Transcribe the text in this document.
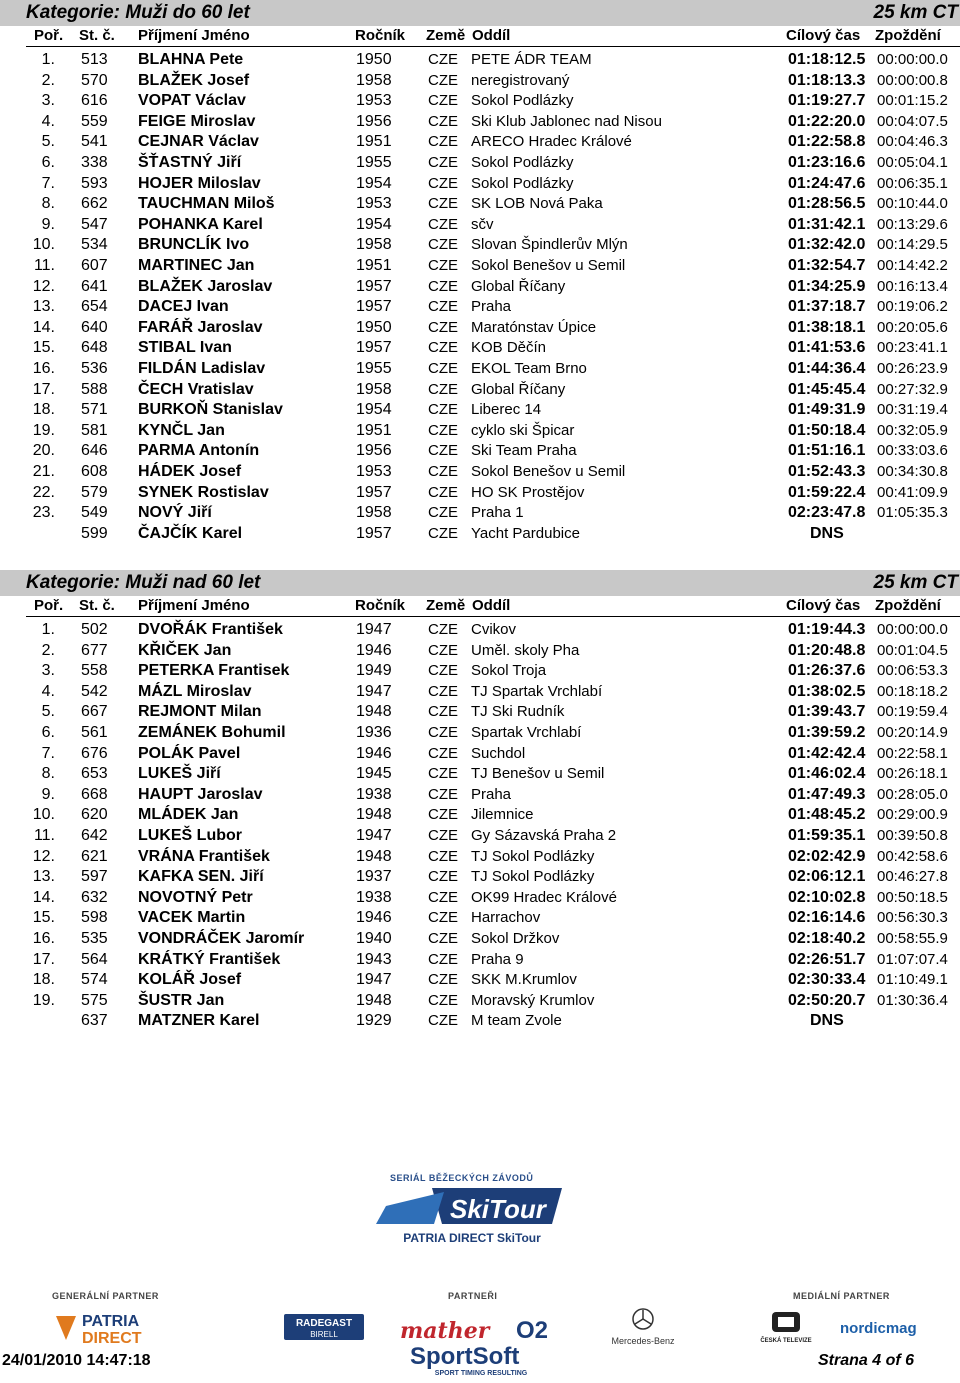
Kategorie: Muži do 60 let	25 km CT
Poř. St. č. Příjmení Jméno	Ročník Země Oddíl	Cílový čas Zpoždění
1. 513 BLAHNA Pete	1950 CZE PETE ÁDR TEAM	01:18:12.5 00:00:00.0
2. 570 BLAŽEK Josef	1958 CZE neregistrovaný	01:18:13.3 00:00:00.8
3. 616 VOPAT Václav	1953 CZE Sokol Podlázky	01:19:27.7 00:01:15.2
4. 559 FEIGE Miroslav	1956 CZE Ski Klub Jablonec nad Nisou	01:22:20.0 00:04:07.5
5. 541 CEJNAR Václav	1951 CZE ARECO Hradec Králové	01:22:58.8 00:04:46.3
6. 338 ŠŤASTNÝ Jiří	1955 CZE Sokol Podlázky	01:23:16.6 00:05:04.1
7. 593 HOJER Miloslav	1954 CZE Sokol Podlázky	01:24:47.6 00:06:35.1
8. 662 TAUCHMAN Miloš	1953 CZE SK LOB Nová Paka	01:28:56.5 00:10:44.0
9. 547 POHANKA Karel	1954 CZE sčv	01:31:42.1 00:13:29.6
10. 534 BRUNCLÍK Ivo	1958 CZE Slovan Špindlerův Mlýn	01:32:42.0 00:14:29.5
11. 607 MARTINEC Jan	1951 CZE Sokol Benešov u Semil	01:32:54.7 00:14:42.2
12. 641 BLAŽEK Jaroslav	1957 CZE Global Říčany	01:34:25.9 00:16:13.4
13. 654 DACEJ Ivan	1957 CZE Praha	01:37:18.7 00:19:06.2
14. 640 FARÁŘ Jaroslav	1950 CZE Maratónstav Úpice	01:38:18.1 00:20:05.6
15. 648 STIBAL Ivan	1957 CZE KOB Děčín	01:41:53.6 00:23:41.1
16. 536 FILDÁN Ladislav	1955 CZE EKOL Team Brno	01:44:36.4 00:26:23.9
17. 588 ČECH Vratislav	1958 CZE Global Říčany	01:45:45.4 00:27:32.9
18. 571 BURKOŇ Stanislav	1954 CZE Liberec 14	01:49:31.9 00:31:19.4
19. 581 KYNČL Jan	1951 CZE cyklo ski Špicar	01:50:18.4 00:32:05.9
20. 646 PARMA Antonín	1956 CZE Ski Team Praha	01:51:16.1 00:33:03.6
21. 608 HÁDEK Josef	1953 CZE Sokol Benešov u Semil	01:52:43.3 00:34:30.8
22. 579 SYNEK Rostislav	1957 CZE HO SK Prostějov	01:59:22.4 00:41:09.9
23. 549 NOVÝ Jiří	1958 CZE Praha 1	02:23:47.8 01:05:35.3
599 ČAJČÍK Karel	1957 CZE Yacht Pardubice	DNS
Kategorie: Muži nad 60 let	25 km CT
Poř. St. č. Příjmení Jméno	Ročník Země Oddíl	Cílový čas Zpoždění
1. 502 DVOŘÁK František	1947 CZE Cvikov	01:19:44.3 00:00:00.0
2. 677 KŘIČEK Jan	1946 CZE Uměl. skoly Pha	01:20:48.8 00:01:04.5
3. 558 PETERKA Frantisek	1949 CZE Sokol Troja	01:26:37.6 00:06:53.3
4. 542 MÁZL Miroslav	1947 CZE TJ Spartak Vrchlabí	01:38:02.5 00:18:18.2
5. 667 REJMONT Milan	1948 CZE TJ Ski Rudník	01:39:43.7 00:19:59.4
6. 561 ZEMÁNEK Bohumil	1936 CZE Spartak Vrchlabí	01:39:59.2 00:20:14.9
7. 676 POLÁK Pavel	1946 CZE Suchdol	01:42:42.4 00:22:58.1
8. 653 LUKEŠ Jiří	1945 CZE TJ Benešov u Semil	01:46:02.4 00:26:18.1
9. 668 HAUPT Jaroslav	1938 CZE Praha	01:47:49.3 00:28:05.0
10. 620 MLÁDEK Jan	1948 CZE Jilemnice	01:48:45.2 00:29:00.9
11. 642 LUKEŠ Lubor	1947 CZE Gy Sázavská Praha 2	01:59:35.1 00:39:50.8
12. 621 VRÁNA František	1948 CZE TJ Sokol Podlázky	02:02:42.9 00:42:58.6
13. 597 KAFKA SEN. Jiří	1937 CZE TJ Sokol Podlázky	02:06:12.1 00:46:27.8
14. 632 NOVOTNÝ Petr	1938 CZE OK99 Hradec Králové	02:10:02.8 00:50:18.5
15. 598 VACEK Martin	1946 CZE Harrachov	02:16:14.6 00:56:30.3
16. 535 VONDRÁČEK Jaromír	1940 CZE Sokol Držkov	02:18:40.2 00:58:55.9
17. 564 KRÁTKÝ František	1943 CZE Praha 9	02:26:51.7 01:07:07.4
18. 574 KOLÁŘ Josef	1947 CZE SKK M.Krumlov	02:30:33.4 01:10:49.1
19. 575 ŠUSTR Jan	1948 CZE Moravský Krumlov	02:50:20.7 01:30:36.4
637 MATZNER Karel	1929 CZE M team Zvole	DNS
SERIÁL BĚŽECKÝCH ZÁVODŮ
SkiTour
PATRIA DIRECT SkiTour
GENERÁLNÍ PARTNER	PARTNEŘI	MEDIÁLNÍ PARTNER
PATRIA
DIRECT
RADEGAST
BIRELL	mather O2	Mercedes-Benz	ČESKÁ TELEVIZE
nordicmag
SportSoft
SPORT TIMING RESULTING
24/01/2010 14:47:18	Strana 4 of 6
